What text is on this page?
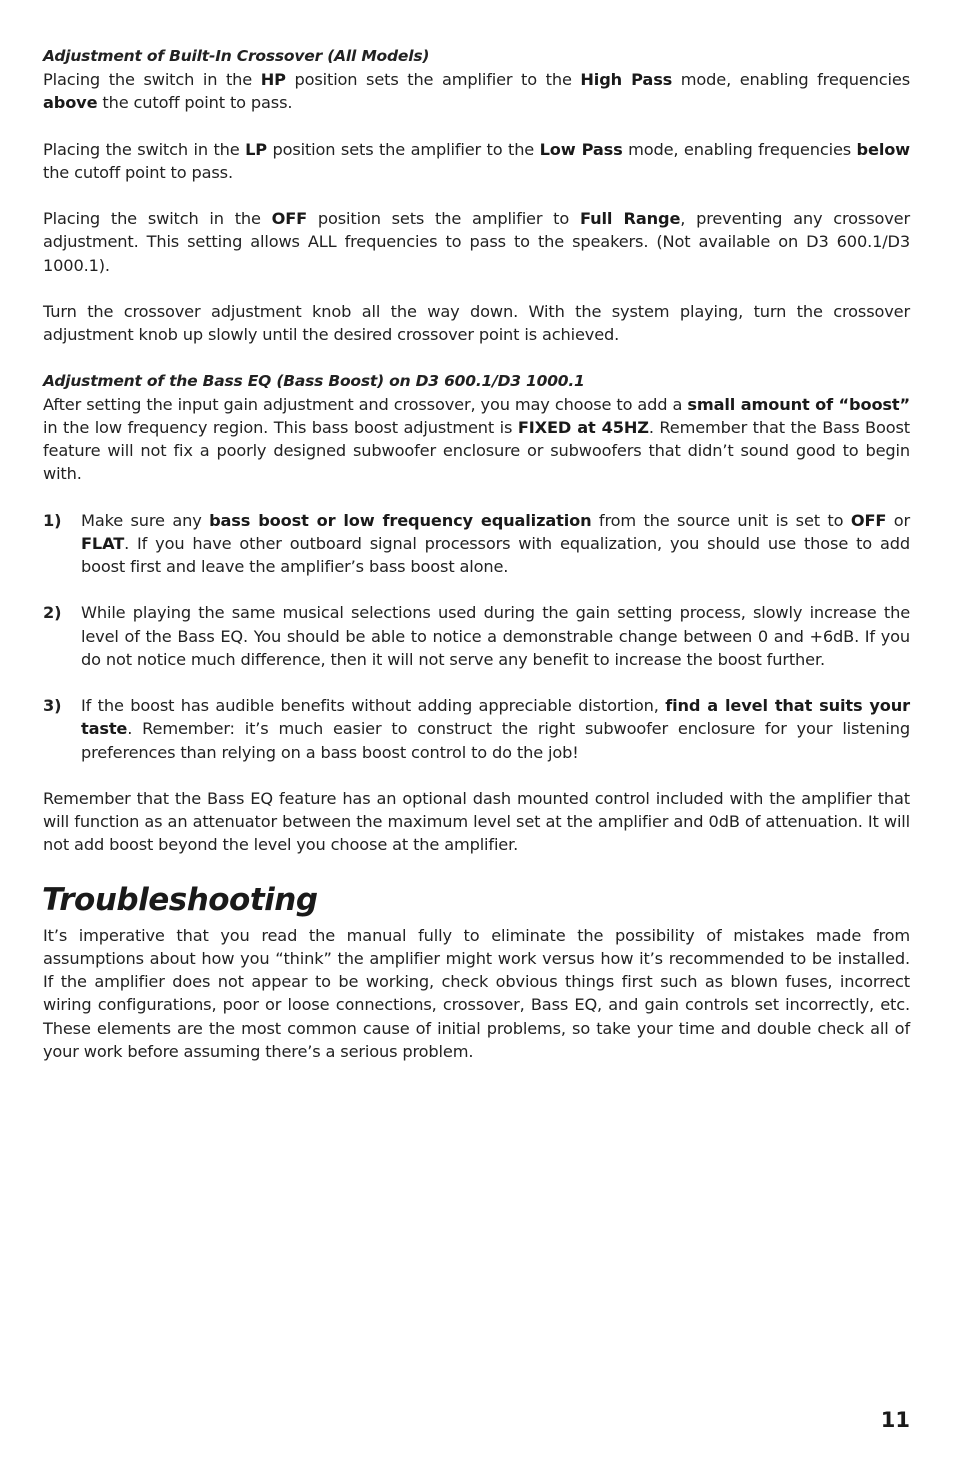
Adjustment of Built-In Crossover (All Models)

Placing the switch in the HP position sets the amplifier to the High Pass mode, enabling frequencies above the cutoff point to pass.

Placing the switch in the LP position sets the amplifier to the Low Pass mode, enabling frequencies below the cutoff point to pass.

Placing the switch in the OFF position sets the amplifier to Full Range, preventing any crossover adjustment. This setting allows ALL frequencies to pass to the speakers. (Not available on D3 600.1/D3 1000.1).

Turn the crossover adjustment knob all the way down. With the system playing, turn the crossover adjustment knob up slowly until the desired crossover point is achieved.

Adjustment of the Bass EQ (Bass Boost) on D3 600.1/D3 1000.1

After setting the input gain adjustment and crossover, you may choose to add a small amount of “boost” in the low frequency region. This bass boost adjustment is FIXED at 45HZ. Remember that the Bass Boost feature will not fix a poorly designed subwoofer enclosure or subwoofers that didn’t sound good to begin with.

1)	Make sure any bass boost or low frequency equalization from the source unit is set to OFF or FLAT. If you have other outboard signal processors with equalization, you should use those to add boost first and leave the amplifier’s bass boost alone.
2)	While playing the same musical selections used during the gain setting process, slowly increase the level of the Bass EQ. You should be able to notice a demonstrable change between 0 and +6dB. If you do not notice much difference, then it will not serve any benefit to increase the boost further.
3)	If the boost has audible benefits without adding appreciable distortion, find a level that suits your taste. Remember: it’s much easier to construct the right subwoofer enclosure for your listening preferences than relying on a bass boost control to do the job!

Remember that the Bass EQ feature has an optional dash mounted control included with the amplifier that will function as an attenuator between the maximum level set at the amplifier and 0dB of attenuation. It will not add boost beyond the level you choose at the amplifier.

Troubleshooting

It’s imperative that you read the manual fully to eliminate the possibility of mistakes made from assumptions about how you “think” the amplifier might work versus how it’s recommended to be installed. If the amplifier does not appear to be working, check obvious things first such as blown fuses, incorrect wiring configurations, poor or loose connections, crossover, Bass EQ, and gain controls set incorrectly, etc. These elements are the most common cause of initial problems, so take your time and double check all of your work before assuming there’s a serious problem.

11
